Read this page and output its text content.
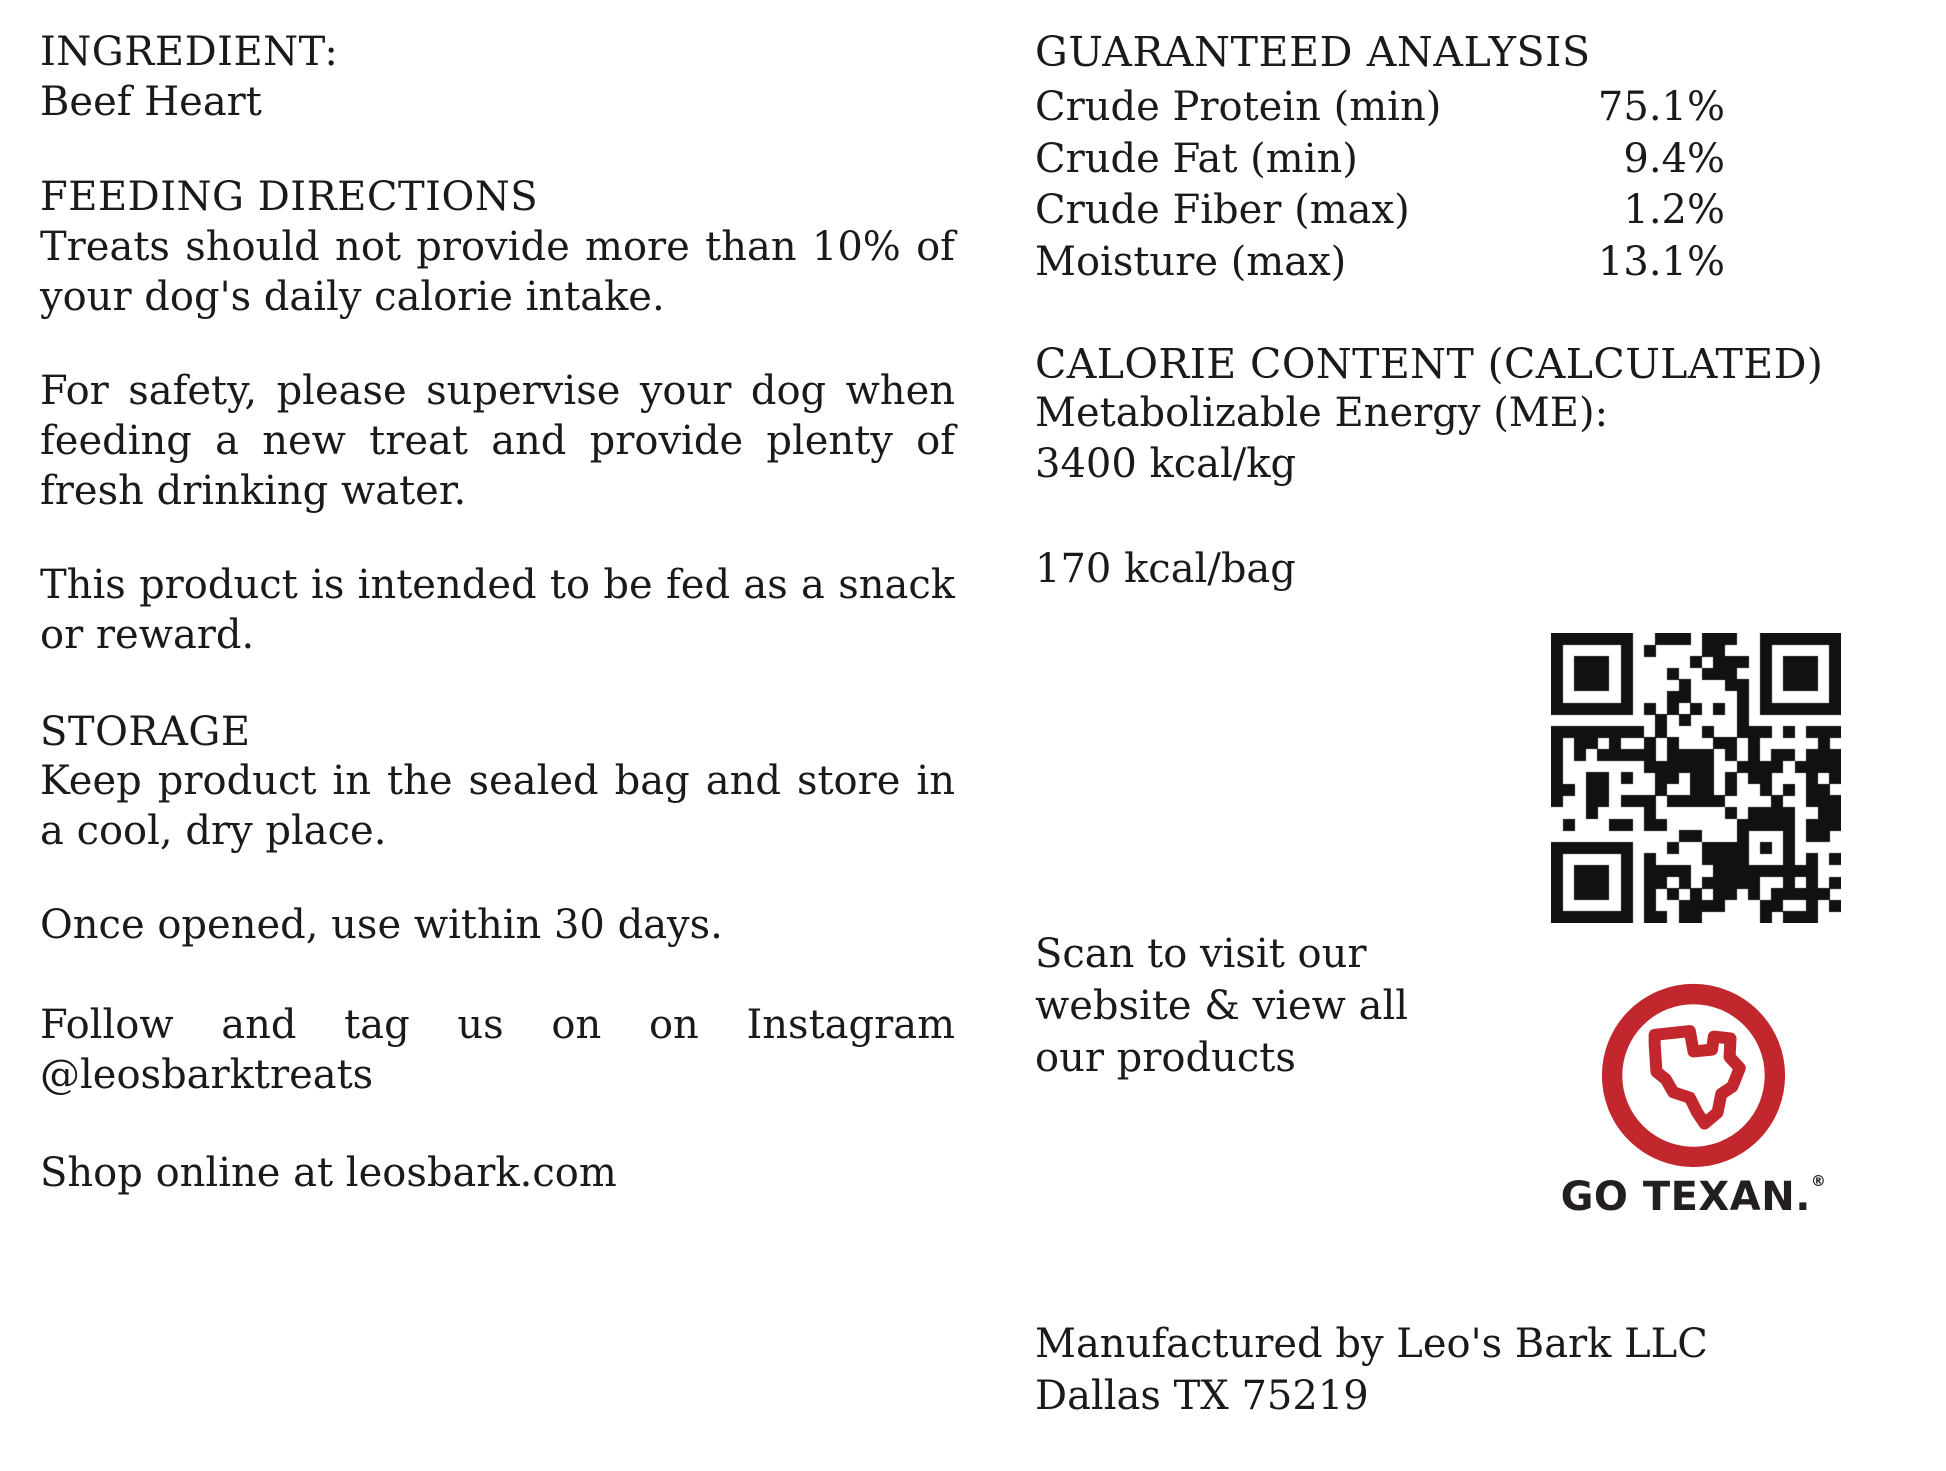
INGREDIENT:

Beef Heart

FEEDING DIRECTIONS

Treats should not provide more than 10% of your dog's daily calorie intake.

For safety, please supervise your dog when feeding a new treat and provide plenty of fresh drinking water.

This product is intended to be fed as a snack or reward.

STORAGE

Keep product in the sealed bag and store in a cool, dry place.

Once opened, use within 30 days.

Follow and tag us on on Instagram @leosbarktreats

Shop online at leosbark.com

GUARANTEED ANALYSIS

Crude Protein (min)	75.1%
Crude Fat (min)	9.4%
Crude Fiber (max)	1.2%
Moisture (max)	13.1%

CALORIE CONTENT (CALCULATED)

Metabolizable Energy (ME):

3400 kcal/kg

170 kcal/bag

Scan to visit our website & view all our products

GO TEXAN.®

Manufactured by Leo's Bark LLC
Dallas TX 75219
